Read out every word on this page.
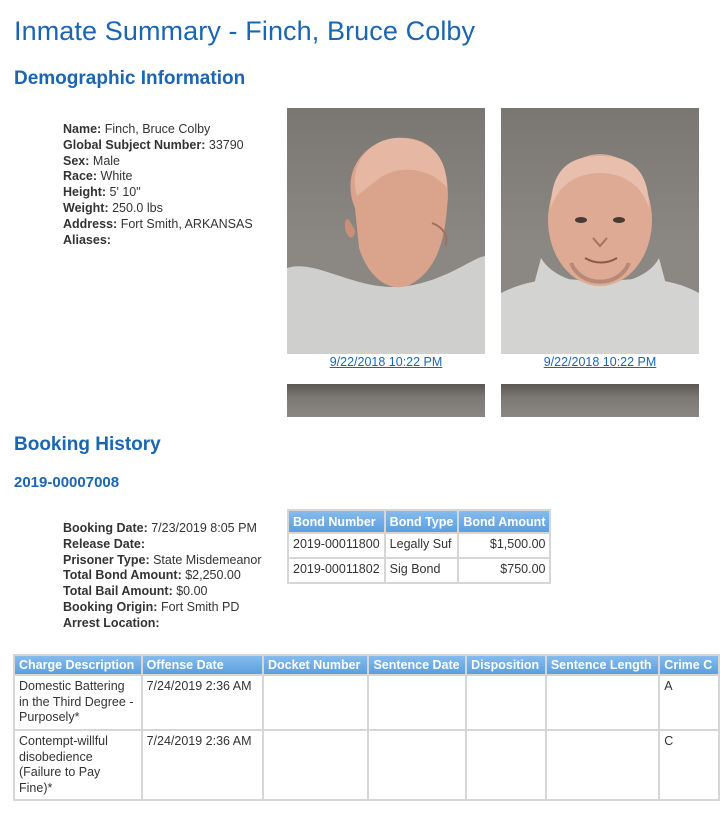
Inmate Summary - Finch, Bruce Colby
Demographic Information
Name: Finch, Bruce Colby
Global Subject Number: 33790
Sex: Male
Race: White
Height: 5' 10"
Weight: 250.0 lbs
Address: Fort Smith, ARKANSAS
Aliases:
9/22/2018 10:22 PM	9/22/2018 10:22 PM
Booking History
2019-00007008
Booking Date: 7/23/2019 8:05 PM
Release Date:
Prisoner Type: State Misdemeanor
Total Bond Amount: $2,250.00
Total Bail Amount: $0.00
Booking Origin: Fort Smith PD
Arrest Location:
Bond Number	Bond Type	Bond Amount
2019-00011800	Legally Suf	$1,500.00
2019-00011802	Sig Bond	$750.00
Charge Description	Offense Date	Docket Number	Sentence Date	Disposition	Sentence Length	Crime C
Domestic Battering in the Third Degree - Purposely*	7/24/2019 2:36 AM					A
Contempt-willful disobedience (Failure to Pay Fine)*	7/24/2019 2:36 AM					C
